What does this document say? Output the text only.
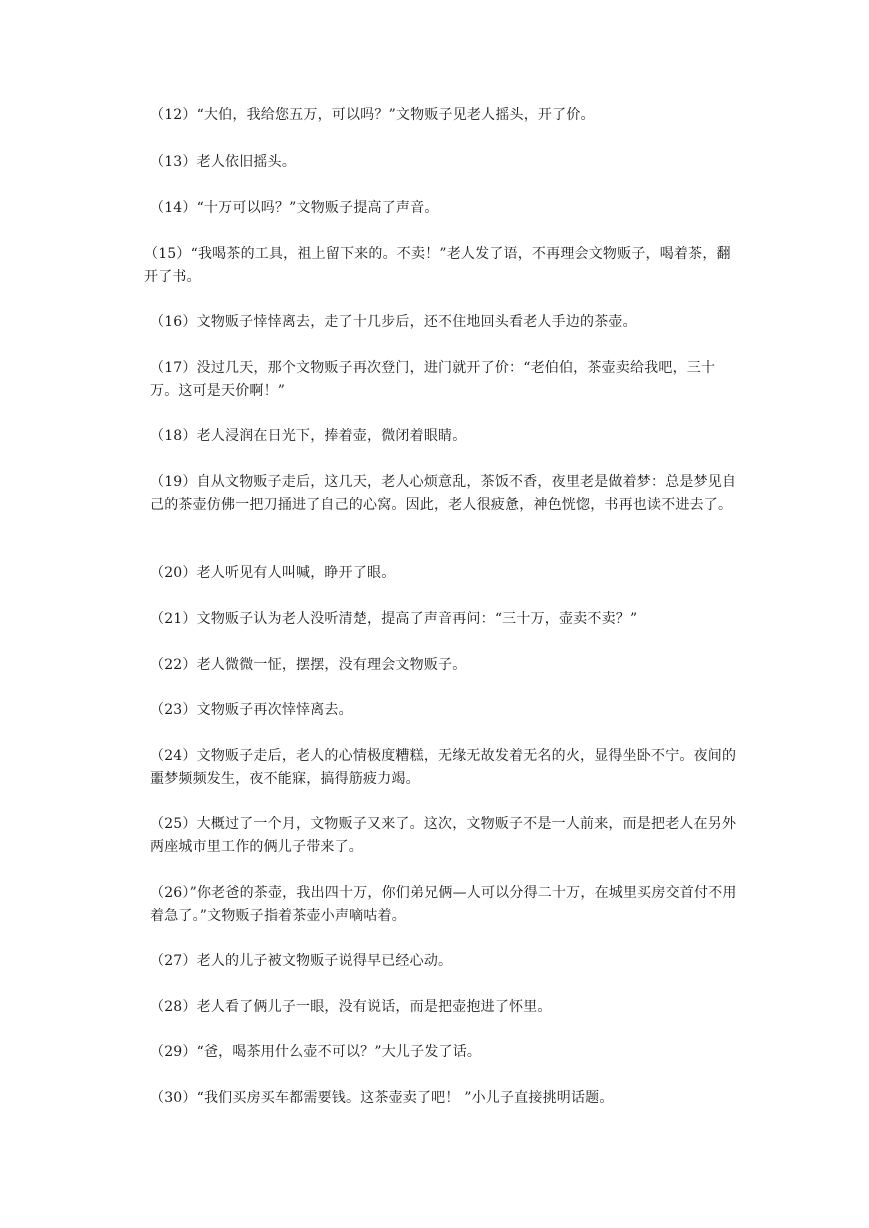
（12）“大伯，我给您五万，可以吗？”文物贩子见老人摇头，开了价。

（13）老人依旧摇头。

（14）“十万可以吗？”文物贩子提高了声音。

（15）“我喝茶的工具，祖上留下来的。不卖！”老人发了语，不再理会文物贩子，喝着茶，翻开了书。

（16）文物贩子悻悻离去，走了十几步后，还不住地回头看老人手边的茶壶。

（17）没过几天，那个文物贩子再次登门，进门就开了价：“老伯伯，茶壶卖给我吧，三十万。这可是天价啊！”

（18）老人浸润在日光下，捧着壶，微闭着眼睛。

（19）自从文物贩子走后，这几天，老人心烦意乱，茶饭不香，夜里老是做着梦：总是梦见自己的茶壶仿佛一把刀捅进了自己的心窝。因此，老人很疲惫，神色恍惚，书再也读不进去了。

（20）老人听见有人叫喊，睁开了眼。

（21）文物贩子认为老人没听清楚，提高了声音再问：“三十万，壶卖不卖？”

（22）老人微微一怔，摆摆，没有理会文物贩子。

（23）文物贩子再次悻悻离去。

（24）文物贩子走后，老人的心情极度糟糕，无缘无故发着无名的火，显得坐卧不宁。夜间的噩梦频频发生，夜不能寐，搞得筋疲力竭。

（25）大概过了一个月，文物贩子又来了。这次，文物贩子不是一人前来，而是把老人在另外两座城市里工作的俩儿子带来了。

（26）”你老爸的茶壶，我出四十万，你们弟兄俩—人可以分得二十万，在城里买房交首付不用着急了。”文物贩子指着茶壶小声嘀咕着。

（27）老人的儿子被文物贩子说得早已经心动。

（28）老人看了俩儿子一眼，没有说话，而是把壶抱进了怀里。

（29）“爸，喝茶用什么壶不可以？”大儿子发了话。

（30）“我们买房买车都需要钱。这茶壶卖了吧！ ”小儿子直接挑明话题。
